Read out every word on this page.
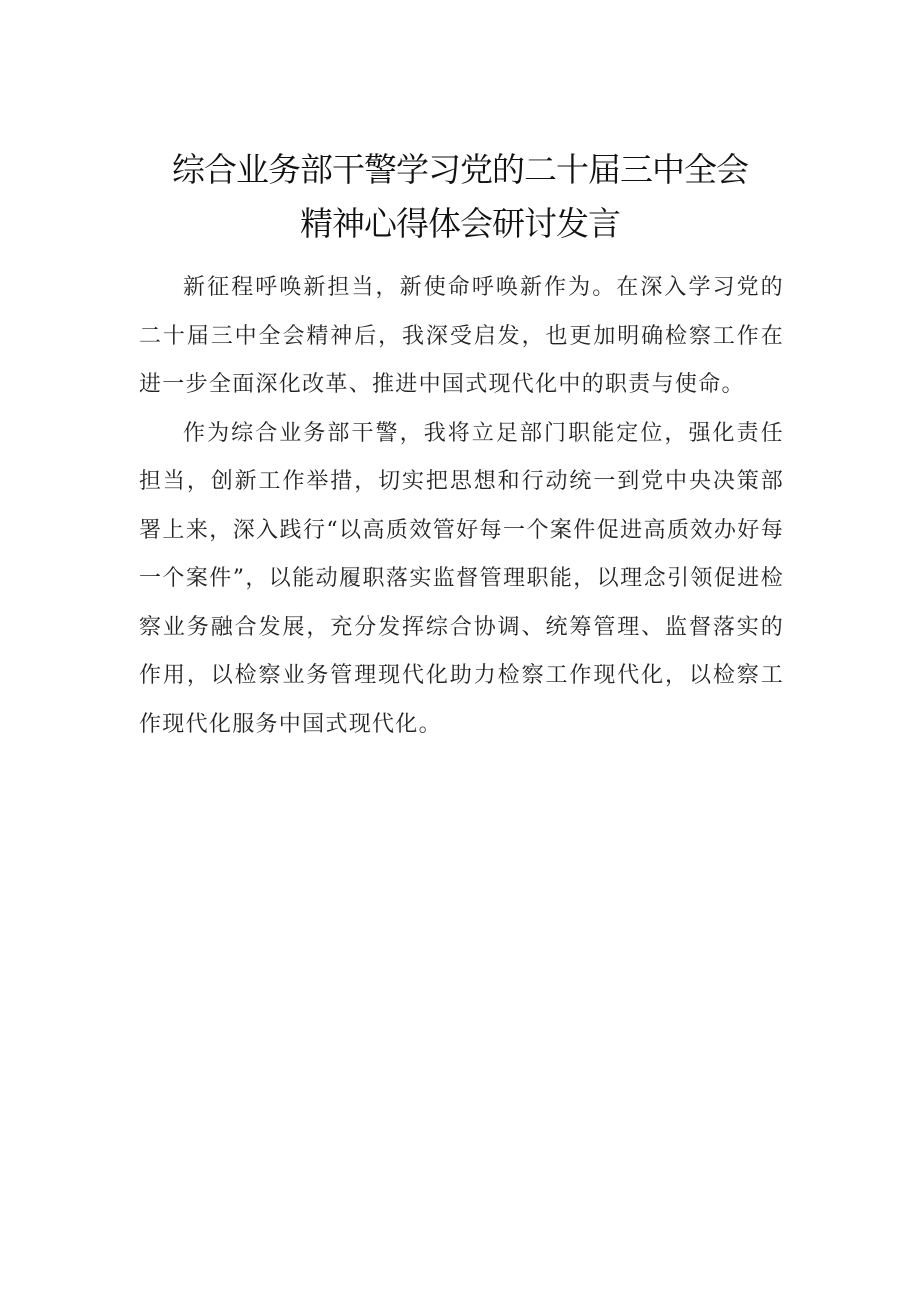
综合业务部干警学习党的二十届三中全会
精神心得体会研讨发言

新征程呼唤新担当，新使命呼唤新作为。在深入学习党的二十届三中全会精神后，我深受启发，也更加明确检察工作在进一步全面深化改革、推进中国式现代化中的职责与使命。

作为综合业务部干警，我将立足部门职能定位，强化责任担当，创新工作举措，切实把思想和行动统一到党中央决策部署上来，深入践行“以高质效管好每一个案件促进高质效办好每一个案件”，以能动履职落实监督管理职能，以理念引领促进检察业务融合发展，充分发挥综合协调、统筹管理、监督落实的作用，以检察业务管理现代化助力检察工作现代化，以检察工作现代化服务中国式现代化。
